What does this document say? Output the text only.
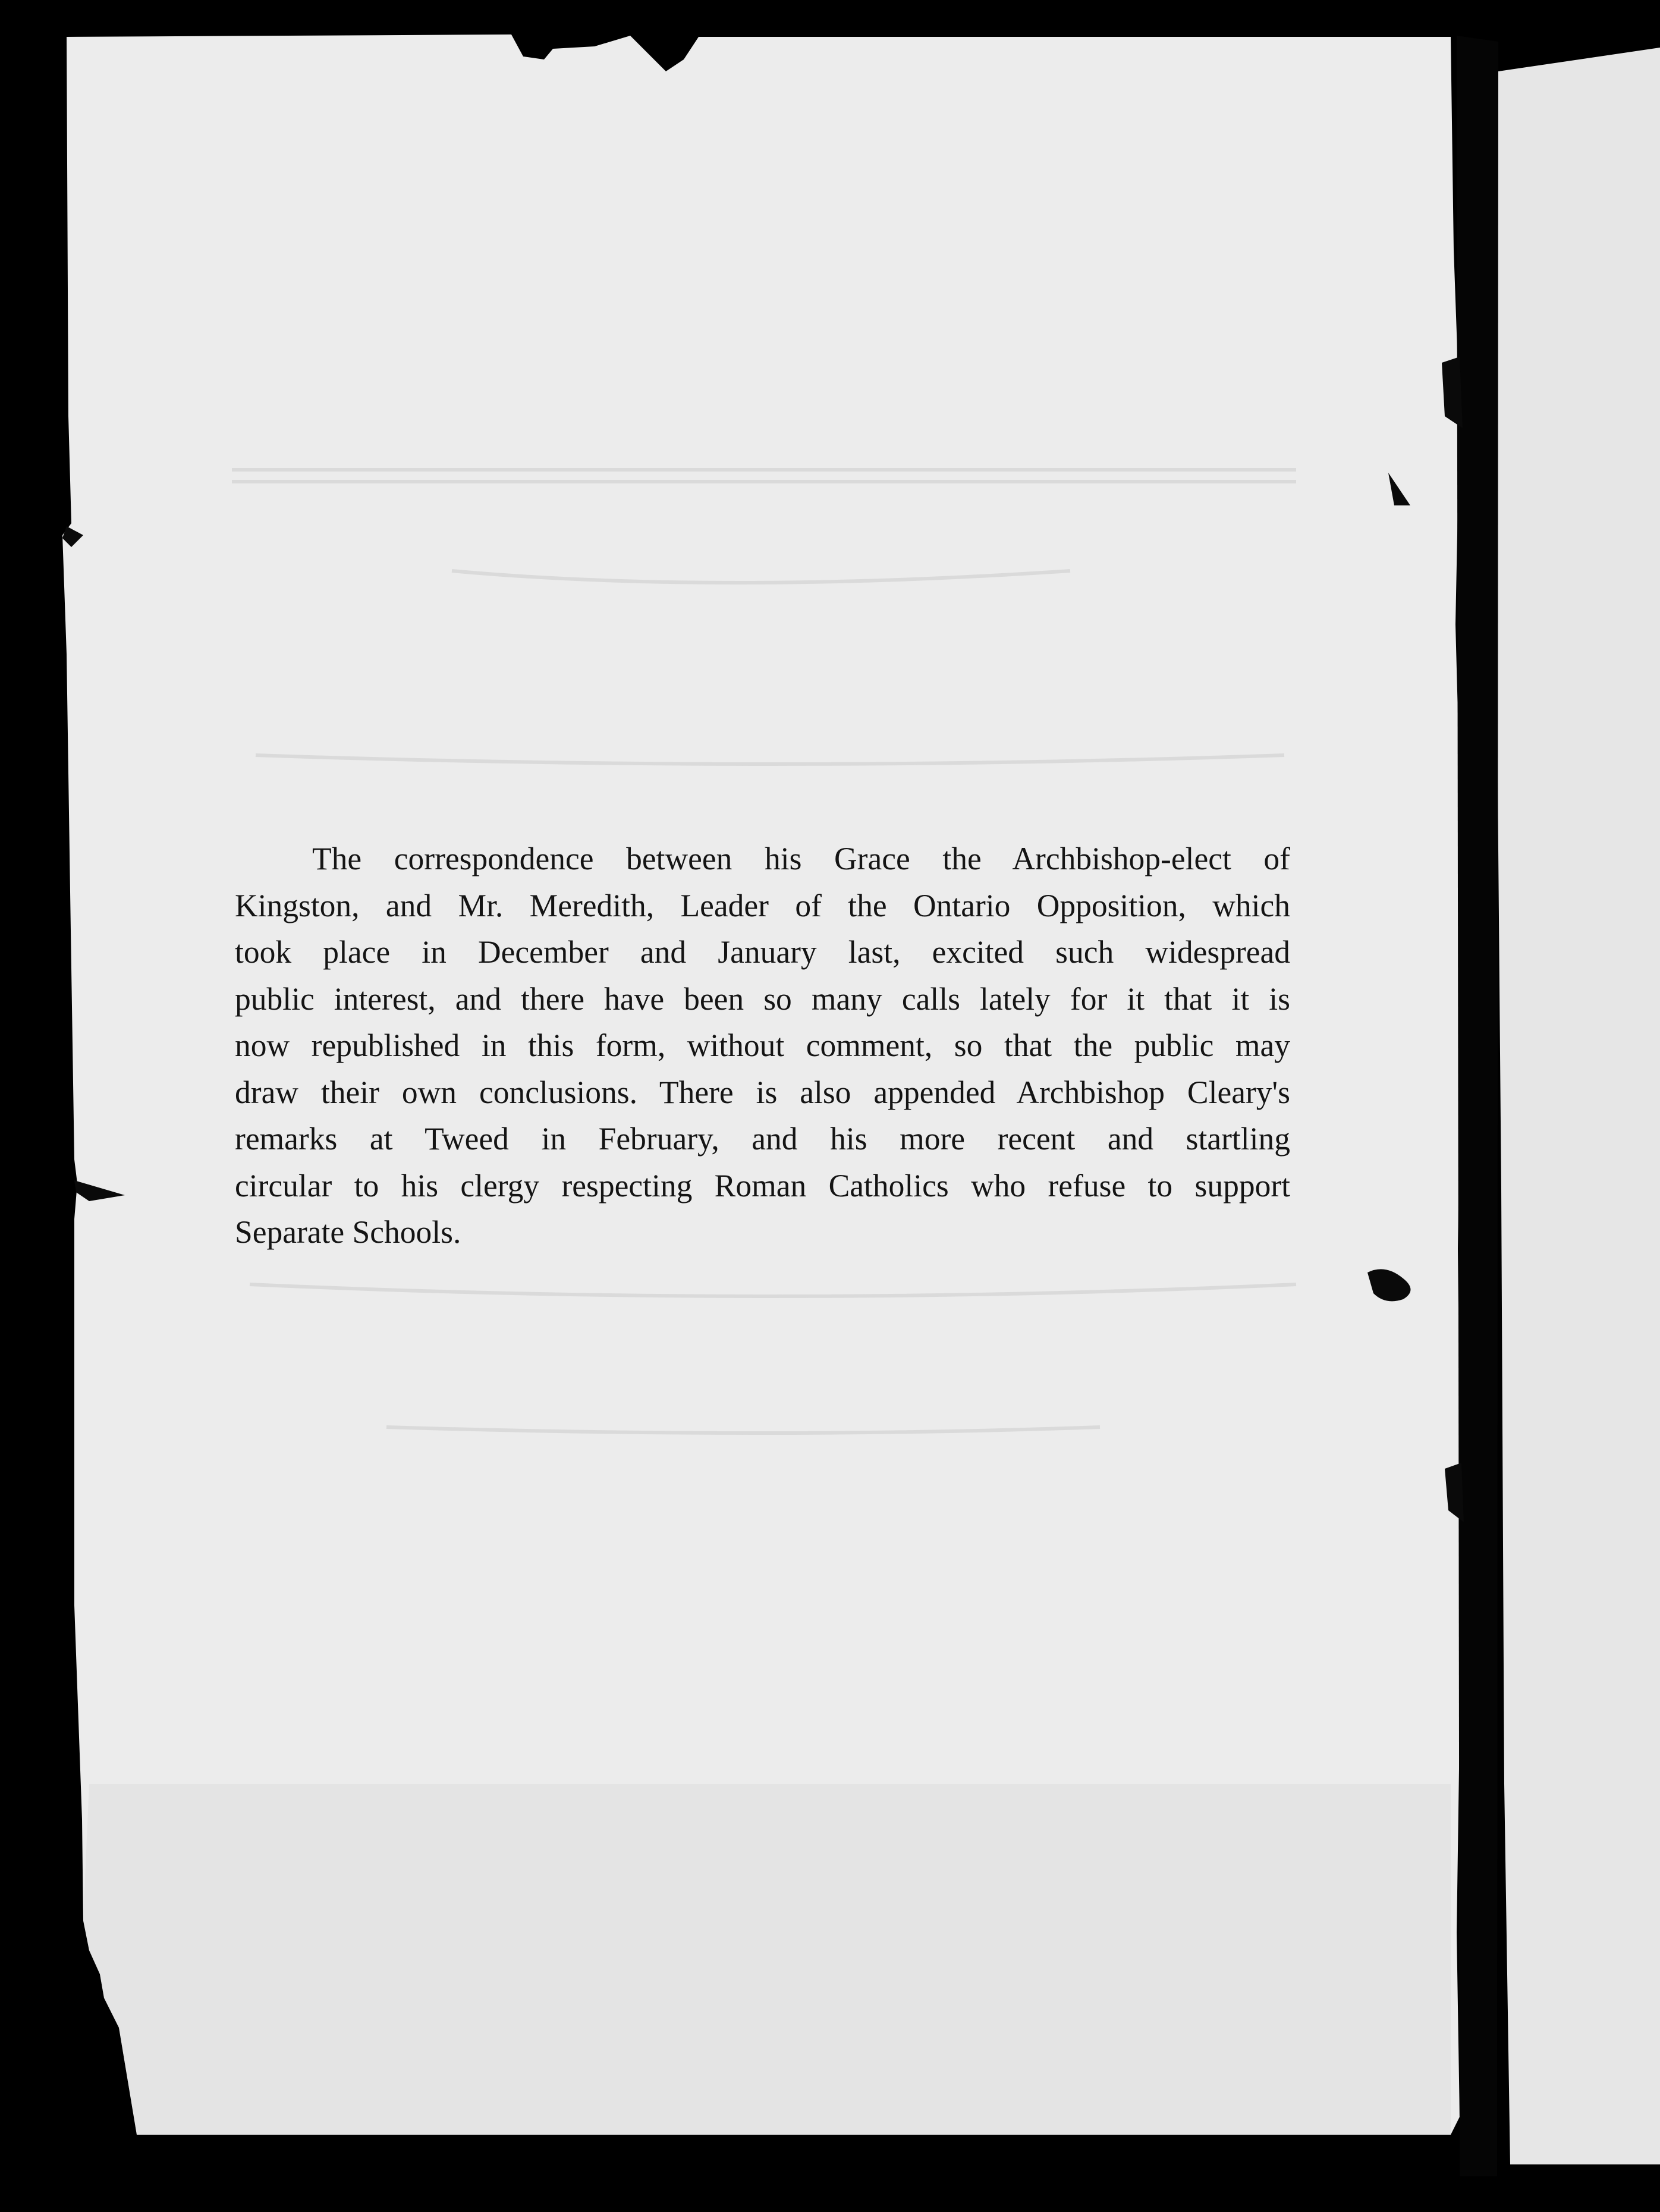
The correspondence between his Grace the Archbishop-elect of
Kingston, and Mr. Meredith, Leader of the Ontario Opposition, which
took place in December and January last, excited such widespread
public interest, and there have been so many calls lately for it that it is
now republished in this form, without comment, so that the public may
draw their own conclusions. There is also appended Archbishop Cleary's
remarks at Tweed in February, and his more recent and startling
circular to his clergy respecting Roman Catholics who refuse to support
Separate Schools.
